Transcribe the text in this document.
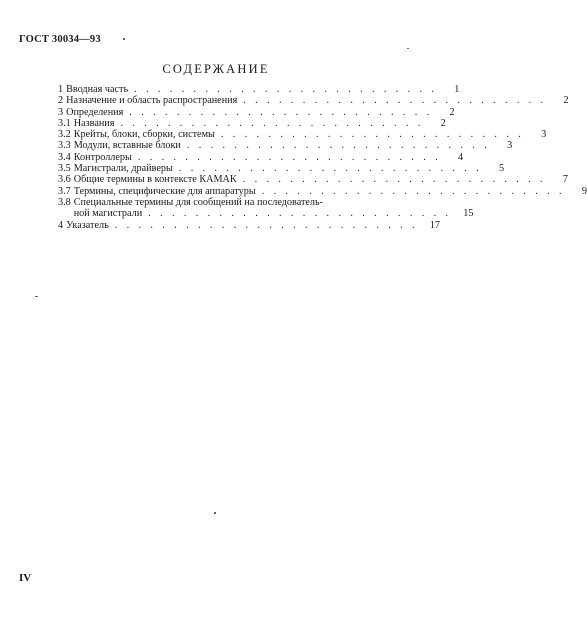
ГОСТ 30034—93
СОДЕРЖАНИЕ
1 Вводная часть . . . . . . . . . . . . . . . . . . . . . . . . . .	1
2 Назначение и область распространения . . . . . . . . . . . . . . . . . . . . . . . . . .	2
3 Определения . . . . . . . . . . . . . . . . . . . . . . . . . .	2
3.1 Названия . . . . . . . . . . . . . . . . . . . . . . . . . .	2
3.2 Крейты, блоки, сборки, системы . . . . . . . . . . . . . . . . . . . . . . . . . .	3
3.3 Модули, вставные блоки . . . . . . . . . . . . . . . . . . . . . . . . . .	3
3.4 Контроллеры . . . . . . . . . . . . . . . . . . . . . . . . . .	4
3.5 Магистрали, драйверы . . . . . . . . . . . . . . . . . . . . . . . . . .	5
3.6 Общие термины в контексте КАМАК . . . . . . . . . . . . . . . . . . . . . . . . . .	7
3.7 Термины, специфические для аппаратуры . . . . . . . . . . . . . . . . . . . . . . . . . .	9
3.8 Специальные термины для сообщений на последователь-
ной магистрали . . . . . . . . . . . . . . . . . . . . . . . . . .	15
4 Указатель . . . . . . . . . . . . . . . . . . . . . . . . . .	17
IV
